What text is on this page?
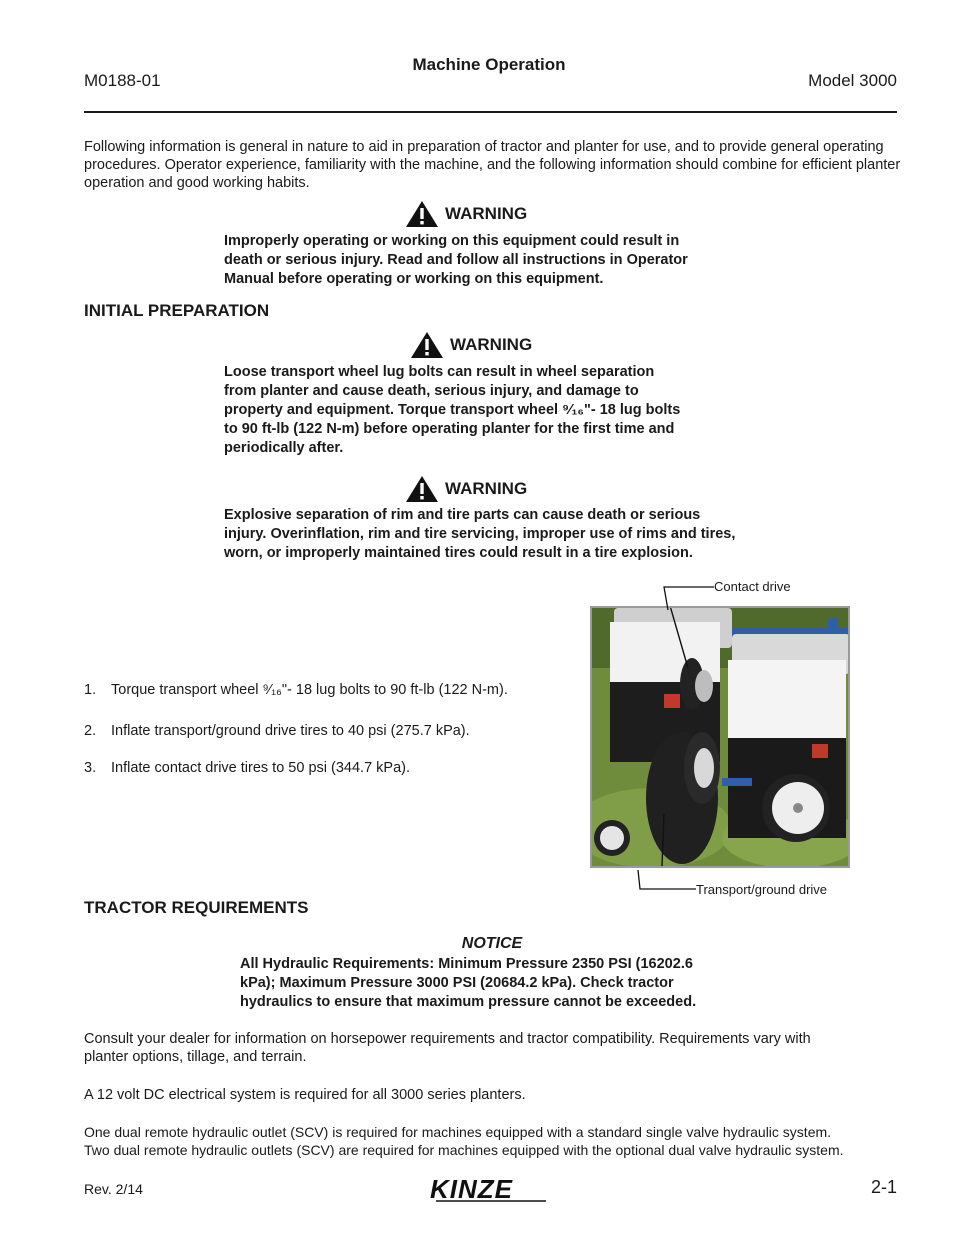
M0188-01
Machine Operation
Model 3000
Following information is general in nature to aid in preparation of tractor and planter for use, and to provide general operating procedures. Operator experience, familiarity with the machine, and the following information should combine for efficient planter operation and good working habits.
WARNING
Improperly operating or working on this equipment could result in
death or serious injury. Read and follow all instructions in Operator
Manual before operating or working on this equipment.
INITIAL PREPARATION
WARNING
Loose transport wheel lug bolts can result in wheel separation
from planter and cause death, serious injury, and damage to
property and equipment. Torque transport wheel ⁹⁄₁₆"- 18 lug bolts
to 90 ft-lb (122 N-m) before operating planter for the first time and
periodically after.
WARNING
Explosive separation of rim and tire parts can cause death or serious
injury. Overinflation, rim and tire servicing, improper use of rims and tires,
worn, or improperly maintained tires could result in a tire explosion.
1. Torque transport wheel ⁹⁄₁₆"- 18 lug bolts to 90 ft-lb (122 N-m).
2. Inflate transport/ground drive tires to 40 psi (275.7 kPa).
3. Inflate contact drive tires to 50 psi (344.7 kPa).
Contact drive
Transport/ground drive
TRACTOR REQUIREMENTS
NOTICE
All Hydraulic Requirements: Minimum Pressure 2350 PSI (16202.6
kPa); Maximum Pressure 3000 PSI (20684.2 kPa). Check tractor
hydraulics to ensure that maximum pressure cannot be exceeded.
Consult your dealer for information on horsepower requirements and tractor compatibility. Requirements vary with
planter options, tillage, and terrain.
A 12 volt DC electrical system is required for all 3000 series planters.
One dual remote hydraulic outlet (SCV) is required for machines equipped with a standard single valve hydraulic system.
Two dual remote hydraulic outlets (SCV) are required for machines equipped with the optional dual valve hydraulic system.
Rev. 2/14	KINZE	2-1
